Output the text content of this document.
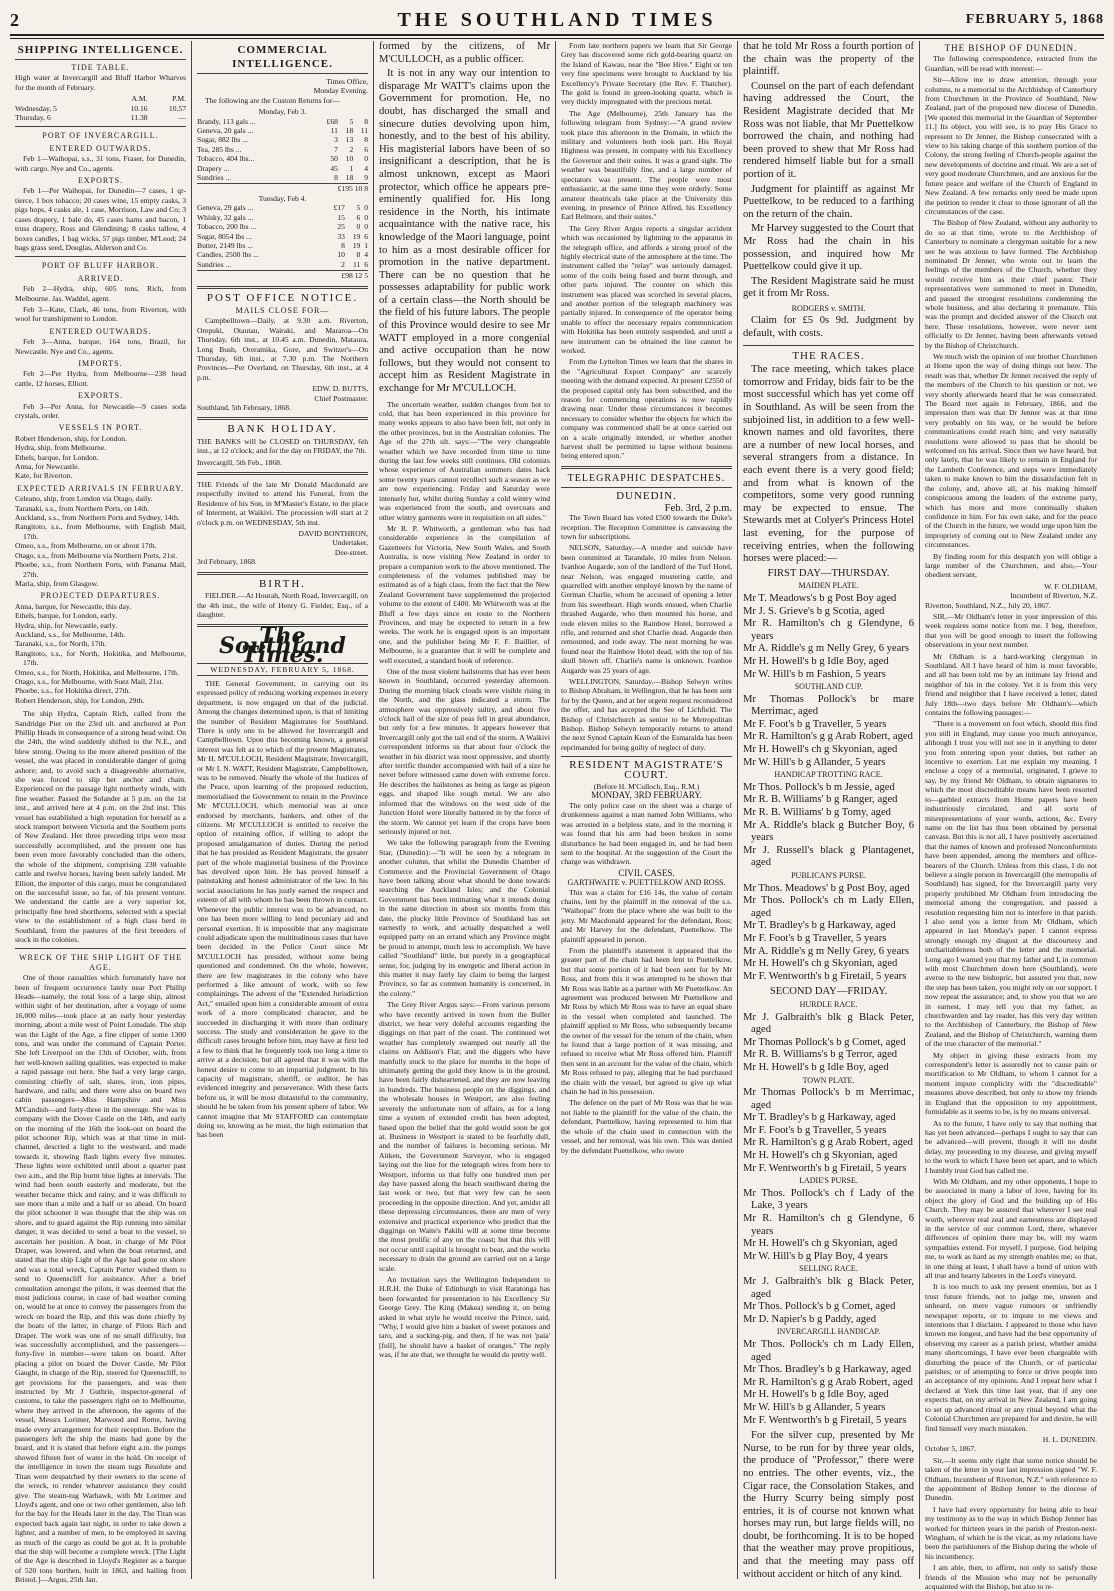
2	THE SOUTHLAND TIMES	FEBRUARY 5, 1868
SHIPPING INTELLIGENCE.
TIDE TABLE.

High water at Invercargill and Bluff Harbor Wharves for the month of February.

	A.M.	P.M.
Wednesday, 5	10.16	10.57
Thursday, 6	11.38	—
PORT OF INVERCARGILL.
ENTERED OUTWARDS.

Feb 1—Waihopai, s.s., 31 tons, Fraser, for Dunedin, with cargo. Nye and Co., agents.

EXPORTS.

Feb 1—Per Waihopai, for Dunedin—7 cases, 1 qr-tierce, 1 box tobacco; 20 cases wine, 15 empty casks, 3 pigs hops, 4 casks ale, 1 case, Morrison, Law and Co; 3 cases drapery, 1 bale do, 45 cases hams and bacon, 1 truss drapery, Ross and Glendining; 8 casks tallow, 4 boxes candles, 1 bag wicks, 57 pigs timber, M'Leod; 24 bags grass seed, Douglas, Alderson and Co.

PORT OF BLUFF HARBOR.
ARRIVED.

Feb 2—Hydra, ship, 605 tons, Rich, from Melbourne. Jas. Waddel, agent.

Feb 3—Kate, Clark, 46 tons, from Riverton, with wool for transhipment to London.

ENTERED OUTWARDS.

Feb 3—Anna, barque, 164 tons, Brazil, for Newcastle. Nye and Co., agents.

IMPORTS.

Feb 2—Per Hydra, from Melbourne—238 head cattle, 12 horses, Elliott.

EXPORTS.

Feb 3—Per Anna, for Newcastle—9 cases soda crystals, order.

VESSELS IN PORT.
Robert Henderson, ship, for London.
Hydra, ship, from Melbourne.
Ethels, barque, for London.
Anna, for Newcastle.
Kate, for Riverton.
EXPECTED ARRIVALS IN FEBRUARY.
Celeano, ship, from London via Otago, daily.
Taranaki, s.s., from Northern Ports, on 14th.
Auckland, s.s., from Northern Ports and Sydney, 14th.
Rangitoto, s.s., from Melbourne, with English Mail, 17th.
Omeo, s.s., from Melbourne, on or about 17th.
Otago, s.s., from Melbourne via Northern Ports, 21st.
Phoebe, s.s., from Northern Ports, with Panama Mail, 27th.
Maria, ship, from Glasgow.
PROJECTED DEPARTURES.
Anna, barque, for Newcastle, this day.
Ethels, barque, for London, early.
Hydra, ship, for Newcastle, early.
Auckland, s.s., for Melbourne, 14th.
Taranaki, s.s., for North, 17th.
Rangitoto, s.s., for North, Hokitika, and Melbourne, 17th.
Omeo, s.s., for North, Hokitika, and Melbourne, 17th.
Otago, s.s., for Melbourne, with Suez Mail, 21st.
Phoebe, s.s., for Hokitika direct, 27th.
Robert Henderson, ship, for London, 29th.

The ship Hydra, Captain Rich, called from the Sandridge Pier on the 23rd ult. and anchored at Port Phillip Heads in consequence of a strong head wind. On the 24th, the wind suddenly shifted to the N.E., and blew strong. Owing to the more altered position of the vessel, she was placed in considerable danger of going ashore; and, to avoid such a disagreeable alternative, she was forced to slip her anchor and chain. Experienced on the passage light northerly winds, with fine weather. Passed the Solander at 5 p.m. on the 1st inst., and arrived here at 4 p.m. on the 2nd inst. This vessel has established a high reputation for herself as a stock transport between Victoria and the Southern ports of New Zealand. Her three preceding trips were most successfully accomplished, and the present one has been even more favorably concluded than the others, the whole of the shipment, comprising 238 valuable cattle and twelve horses, having been safely landed. Mr Elliott, the importer of this cargo, must be congratulated on the successful issue, so far, of his present venture. We understand the cattle are a very superior lot, principally fine bred shorthorns, selected with a special view to the establishment of a high class herd in Southland, from the pastures of the first breeders of stock in the colonies.

WRECK OF THE SHIP LIGHT OF THE AGE.

One of those casualties which fortunately have not been of frequent occurrence lately near Port Phillip Heads—namely, the total loss of a large ship, almost within sight of her destination, after a voyage of some 16,000 miles—took place at an early hour yesterday morning, about a mile west of Point Lonsdale. The ship was the Light of the Age, a fine clipper of some 1300 tons, and was under the command of Captain Porter. She left Liverpool on the 13th of October, with, from her well-known sailing qualities, was expected to make a rapid passage out here. She had a very large cargo, consisting chiefly of salt, slates, iron, iron pipes, hardware, and rails; and there were also on board two cabin passengers—Miss Hampshire and Miss M'Candish—and forty-three in the steerage. She was in company with the Dover Castle on the 14th, and early on the morning of the 16th the look-out on board the pilot schooner Rip, which was at that time in mid-channel, descried a light to the westward, and made towards it, showing flash lights every five minutes. These lights were exhibited until about a quarter past two a.m., and the Rip burnt blue lights at intervals. The wind had been south easterly and moderate, but the weather became thick and rainy, and it was difficult to see more than a mile and a half or so ahead. On board the pilot schooner it was thought that the ship was on shore, and to guard against the Rip running into similar danger, it was decided to send a boat to the vessel, to ascertain her position. A boat, in charge of Mr Pilot Draper, was lowered, and when the boat returned, and stated that the ship Light of the Age had gone on shore and was a total wreck, Captain Porter wished them to send to Queenscliff for assistance. After a brief consultation amongst the pilots, it was deemed that the most judicious course, in case of bad weather coming on, would be at once to convey the passengers from the wreck on board the Rip, and this was done chiefly by the boats of the latter, in charge of Pilots Rich and Draper. The work was one of no small difficulty, but was successfully accomplished, and the passengers—forty-five in number—were taken on board. After placing a pilot on board the Dover Castle, Mr Pilot Gaught, in charge of the Rip, steered for Queenscliff, to get provisions for the passengers, and was then instructed by Mr J Guthrie, inspector-general of customs, to take the passengers right on to Melbourne, where they arrived in the afternoon, the agents of the vessel, Messrs Lorimer, Marwood and Rome, having made every arrangement for their reception. Before the passengers left the ship the masts had gone by the board, and it is stated that before eight a.m. the pumps showed fifteen feet of water in the hold. On receipt of the intelligence in town the steam tugs Resolute and Titan were despatched by their owners to the scene of the wreck, to render whatever assistance they could give. The steam-tug Warhawk, with Mr Lorimer and Lloyd's agent, and one or two other gentlemen, also left for the bay for the Heads later in the day. The Titan was expected back again last night, in order to take down a lighter, and a number of men, to be employed in saving as much of the cargo as could be got at. It is probable that the ship will become a complete wreck. [The Light of the Age is described in Lloyd's Register as a barque of 520 tons burthen, built in 1863, and hailing from Bristol.]—Argus, 25th Jan.

COMMERCIAL INTELLIGENCE.
Times Office,
Monday Evening.

The following are the Custom Returns for—

Monday, Feb 3.
Brandy, 113 gals ...	£68	5	8
Geneva, 20 gals ...	11	18	11
Sugar, 882 lbs ...	3	13	8
Tea, 285 lbs ...	7	2	6
Tobacco, 404 lbs...	50	10	0
Drapery ...	45	1	4
Sundries ...	8	18	9
£195 10 8
Tuesday, Feb 4.
Geneva, 29 gals ...	£17	5	0
Whisky, 32 gals ...	15	6	0
Tobacco, 200 lbs ...	25	0	0
Sugar, 8054 lbs ...	33	19	6
Butter, 2149 lbs ...	8	19	1
Candles, 2500 lbs ...	10	8	4
Sundries ...	2	11	6
£98 12 5
POST OFFICE NOTICE.
MAILS CLOSE FOR—

Campbelltown—Daily, at 9.30 a.m. Riverton, Orepuki, Otautau, Wairaki, and Mararoa—On Thursday, 6th inst., at 10.45 a.m. Dunedin, Mataura, Long Bush, Oreramika, Gore, and Switzer's—On Thursday, 6th inst., at 7.30 p.m. The Northern Provinces—Per Overland, on Thursday, 6th inst., at 4 p.m.

EDW. D. BUTTS,
Chief Postmaster.

Southland, 5th February, 1868.

BANK HOLIDAY.

THE BANKS will be CLOSED on THURSDAY, 6th inst., at 12 o'clock; and for the day on FRIDAY, the 7th.

Invercargill, 5th Feb., 1868.

THE Friends of the late Mr Donald Macdonald are respectfully invited to attend his Funeral, from the Residence of his Son, in M'Master's Estate, to the place of Interment, at Waikivi. The procession will start at 2 o'clock p.m. on WEDNESDAY, 5th inst.

DAVID BONTHRON,
Undertaker,
Dee-street.

3rd February, 1868.

BIRTH.

FIELDER.—At Hourah, North Road, Invercargill, on the 4th inst., the wife of Henry G. Fielder, Esq., of a daughter.

The Southland Times.
WEDNESDAY, FEBRUARY 5, 1868.

THE General Government, in carrying out its expressed policy of reducing working expenses in every department, is now engaged on that of the judicial. Among the changes determined upon, is that of limiting the number of Resident Magistrates for Southland. There is only one to be allowed for Invercargill and Campbelltown. Upon this becoming known, a general interest was felt as to which of the present Magistrates, Mr H. M'CULLOCH, Resident Magistrate, Invercargill, or Mr I. N. WATT, Resident Magistrate, Campbelltown, was to be removed. Nearly the whole of the Justices of the Peace, upon learning of the proposed reduction, memorialised the Government to retain in the Province Mr M'CULLOCH, which memorial was at once endorsed by merchants, bankers, and other of the citizens. Mr M'CULLOCH is entitled to receive the option of retaining office, if willing to adopt the proposed amalgamation of duties. During the period that he has presided as Resident Magistrate, the greater part of the whole magisterial business of the Province has devolved upon him. He has proved himself a painstaking and honest administrator of the law. In his social associations he has justly earned the respect and esteem of all with whom he has been thrown in contact. Whenever the public interest was to be advanced, no one has been more willing to lend pecuniary aid and personal exertion. It is impossible that any magistrate could adjudicate upon the multitudinous cases that have been decided in the Police Court since Mr M'CULLOCH has presided, without some being questioned and condemned. On the whole, however, there are few magistrates in the colony who have performed a like amount of work, with so few complainings. The advent of the "Extended Jurisdiction Act," entailed upon him a considerable amount of extra work of a more complicated character, and he succeeded in discharging it with more than ordinary success. The study and consideration he gave to the difficult cases brought before him, may have at first led a few to think that he frequently took too long a time to arrive at a decision; but all agreed that it was with the honest desire to come to an impartial judgment. In his capacity of magistrate, sheriff, or auditor, he has evidenced integrity and perseverance. With these facts before us, it will be most distasteful to the community, should he be taken from his present sphere of labor. We cannot imagine that Mr STAFFORD can contemplate doing so, knowing as he must, the high estimation that has been

formed by the citizens, of Mr M'CULLOCH, as a public officer.

It is not in any way our intention to disparage Mr WATT's claims upon the Government for promotion. He, no doubt, has discharged the small and sinecure duties devolving upon him, honestly, and to the best of his ability. His magisterial labors have been of so insignificant a description, that he is almost unknown, except as Maori protector, which office he appears pre-eminently qualified for. His long residence in the North, his intimate acquaintance with the native race, his knowledge of the Maori language, point to him as a most desirable officer for promotion in the native department. There can be no question that he possesses adaptability for public work of a certain class—the North should be the field of his future labors. The people of this Province would desire to see Mr WATT employed in a more congenial and active occupation than he now follows, but they would not consent to accept him as Resident Magistrate in exchange for Mr M'CULLOCH.

The uncertain weather, sudden changes from hot to cold, that has been experienced in this province for many weeks appears to also have been felt, not only in the other provinces, but in the Australian colonies. The Age of the 27th ult. says:—"The very changeable weather which we have recorded from time to time during the last few weeks still continues. Old colonists whose experience of Australian summers dates back some twenty years cannot recollect such a season as we are now experiencing. Friday and Saturday were intensely hot, whilst during Sunday a cold wintry wind was experienced from the south, and overcoats and other wintry garments were in requisition on all sides."

Mr R. P. Whitworth, a gentleman who has had considerable experience in the compilation of Gazetteers for Victoria, New South Wales, and South Australia, is now visiting New Zealand in order to prepare a companion work to the above mentioned. The completeness of the volumes published may be estimated as of a high class, from the fact that the New Zealand Government have supplemented the projected volume to the extent of £400. Mr Whitworth was at the Bluff a few days since en route to the Northern Provinces, and may be expected to return in a few weeks. The work he is engaged upon is an important one, and the publisher being Mr F. F. Baillier, of Melbourne, is a guarantee that it will be complete and well executed, a standard book of reference.

One of the most violent hailstorms that has ever been known in Southland, occurred yesterday afternoon. During the morning black clouds were visible rising in the North, and the glass indicated a storm. The atmosphere was oppressively sultry, and about five o'clock hail of the size of peas fell in great abundance, but only for a few minutes. It appears however that Invercargill only got the tail end of the storm. A Waikivi correspondent informs us that about four o'clock the weather in his district was most oppressive, and shortly after terrific thunder accompanied with hail of a size he never before witnessed came down with extreme force. He describes the hailstones as being as large as pigeon eggs, and shaped like rough metal. We are also informed that the windows on the west side of the Junction Hotel were literally battered in by the force of the storm. We cannot yet learn if the crops have been seriously injured or not.

We take the following paragraph from the Evening Star, (Dunedin):—"It will be seen by a telegram in another column, that whilst the Dunedin Chamber of Commerce and the Provincial Government of Otago have been talking about what should be done towards searching the Auckland Isles; and the Colonial Government has been intimating what it intends doing in the same direction in about six months from this date, the plucky little Province of Southland has set earnestly to work, and actually despatched a well equipped party on an errand which any Province might be proud to attempt, much less to accomplish. We have called "Southland" little, but purely in a geographical sense, for, judging by its energetic and liberal action in this matter it may fairly lay claim to being the largest Province, so far as common humanity is concerned, in the colony."

The Grey River Argus says:—From various persons who have recently arrived in town from the Buller district, we hear very doleful accounts regarding the diggings on that part of the coast. The continued wet weather has completely swamped out nearly all the claims on Addison's Flat; and the diggers who have manfully stuck to the place for months in the hope of ultimately getting the gold they know is in the ground, have been fairly disheartened, and they are now leaving in hundreds. The business people on the diggings, and the wholesale houses in Westport, are also feeling severely the unfortunate turn of affairs, as for a long time a system of extended credit has been adopted, based upon the belief that the gold would soon be got at. Business in Westport is stated to be fearfully dull, and the number of failures is becoming serious. Mr Aitken, the Government Surveyor, who is engaged laying out the line for the telegraph wires from here to Westport, informs us that fully one hundred men per day have passed along the beach southward during the last week or two, but that very few can be seen proceeding in the opposite direction. And yet, amidst all these depressing circumstances, there are men of very extensive and practical experience who predict that the diggings on Waite's Pakihi will at some time become the most prolific of any on the coast; but that this will not occur until capital is brought to bear, and the works necessary to drain the ground are carried out on a large scale.

An invitation says the Wellington Independent to H.R.H. the Duke of Edinburgh to visit Raratonga has been forwarded for presentation to his Excellency Sir George Grey. The King (Makea) sending it, on being asked in what style he would receive the Prince, said, "Why, I would give him a basket of sweet potatoes and taro, and a sucking-pig, and then, if he was not 'paia' [full], he should have a basket of oranges." The reply was, if he ate that, we thought he would do pretty well.

From late northern papers we learn that Sir George Grey has discovered some rich gold-bearing quartz on the Island of Kawau, near the "Bee Hive." Eight or ten very fine specimens were brought to Auckland by his Excellency's Private Secretary (the Rev. F. Thatcher). The gold is found in green-looking quartz, which is very thickly impregnated with the precious metal.

The Age (Melbourne), 25th January has the following telegram from Sydney:—"A grand review took place this afternoon in the Domain, in which the military and volunteers both took part. His Royal Highness was present, in company with his Excellency the Governor and their suites. It was a grand sight. The weather was beautifully fine, and a large number of spectators was present. The people were most enthusiastic, at the same time they were orderly. Some amateur theatricals take place at the University this evening, in presence of Prince Alfred, his Excellency Earl Belmore, and their suites."

The Grey River Argus reports a singular accident which was occasioned by lightning to the apparatus in the telegraph office, and affords a strong proof of the highly electrical state of the atmosphere at the time. The instrument called the "relay" was seriously damaged, some of the coils being fused and burnt through, and other parts injured. The counter on which this instrument was placed was scorched in several places, and another portion of the telegraph machinery was partially injured. In consequence of the operator being unable to effect the necessary repairs communication with Hokitika has been entirely suspended, and until a new instrument can be obtained the line cannot be worked.

From the Lyttelton Times we learn that the shares in the "Agricultural Export Company" are scarcely meeting with the demand expected. At present £2550 of the proposed capital only has been subscribed, and the reason for commencing operations is now rapidly drawing near. Under these circumstances it becomes necessary to consider whether the objects for which the company was commenced shall be at once carried out on a scale originally intended, or whether another harvest shall be permitted to lapse without business being entered upon."

TELEGRAPHIC DESPATCHES.
DUNEDIN.
Feb. 3rd, 2 p.m.

The Town Board has voted £500 towards the Duke's reception. The Reception Committee is canvassing the town for subscriptions.

NELSON, Saturday.—A murder and suicide have been committed at Tarandale, 10 miles from Nelson. Ivanhoe Augarde, son of the landlord of the Turf Hotel, near Nelson, was engaged mustering cattle, and quarrelled with another employé known by the name of German Charlie, whom he accused of opening a letter from his sweetheart. High words ensued, when Charlie thrashed Augarde, who then mounted his horse, and rode eleven miles to the Rainbow Hotel, borrowed a rifle, and returned and shot Charlie dead. Augarde then remounted, and rode away. The next morning he was found near the Rainbow Hotel dead, with the top of his skull blown off. Charlie's name is unknown. Ivanhoe Augarde was 25 years of age.

WELLINGTON, Saturday.—Bishop Selwyn writes to Bishop Abraham, in Wellington, that he has been sent for by the Queen, and at her urgent request reconsidered the offer, and has accepted the See of Lichfield. The Bishop of Christchurch as senior to be Metropolitan Bishop. Bishop Selwyn temporarily returns to attend the next Synod Captain Kean of the Esmaralda has been reprimanded for being guilty of neglect of duty.

RESIDENT MAGISTRATE'S COURT.
(Before H. M'Culloch, Esq., R.M.)
MONDAY, 3RD FEBRUARY.

The only police case on the sheet was a charge of drunkenness against a man named John Williams, who was arrested in a helpless state, and in the morning it was found that his arm had been broken in some disturbance he had been engaged in, and he had been sent to the hospital. At the suggestion of the Court the charge was withdrawn.

CIVIL CASES.
GARTHWAITE v. PUETTELKOW AND ROSS.

This was a claim for £16 14s, the value of certain chains, lent by the plaintiff in the removal of the s.s. "Waihopai" from the place where she was built to the jetty. Mr Macdonald appeared for the defendant, Ross; and Mr Harvey for the defendant, Puettelkow. The plaintiff appeared in person.

From the plaintiff's statement it appeared that the greater part of the chain had been lent to Puettelkow, but that some portion of it had been sent for by Mr Ross, and from this it was attempted to be shown that Mr Ross was liable as a partner with Mr Puettelkow. An agreement was produced between Mr Puettelkow and Mr Ross by which Mr Ross was to have an equal share in the vessel when completed and launched. The plaintiff applied to Mr Ross, who subsequently became the owner of the vessel for the return of the chain, when he found that a large portion of it was missing, and refused to receive what Mr Ross offered him. Plaintiff then sent in an account for the value of the chain, which Mr Ross refused to pay, alleging that he had purchased the chain with the vessel, but agreed to give up what chain he had in his possession.

The defence on the part of Mr Ross was that he was not liable to the plaintiff for the value of the chain, the defendant, Puettelkow, having represented to him that the whole of the chain used in connection with the vessel, and her removal, was his own. This was denied by the defendant Puettelkow, who swore

that he told Mr Ross a fourth portion of the chain was the property of the plaintiff.

Counsel on the part of each defendant having addressed the Court, the Resident Magistrate decided that Mr Ross was not liable, that Mr Puettelkow borrowed the chain, and nothing had been proved to shew that Mr Ross had rendered himself liable but for a small portion of it.

Judgment for plaintiff as against Mr Puettelkow, to be reduced to a farthing on the return of the chain.

Mr Harvey suggested to the Court that Mr Ross had the chain in his possession, and inquired how Mr Puettelkow could give it up.

The Resident Magistrate said he must get it from Mr Ross.

RODGERS v. SMITH.

Claim for £5 0s 9d. Judgment by default, with costs.

THE RACES.

The race meeting, which takes place tomorrow and Friday, bids fair to be the most successful which has yet come off in Southland. As will be seen from the subjoined list, in addition to a few well-known names and old favorites, there are a number of new local horses, and several strangers from a distance. In each event there is a very good field; and from what is known of the competitors, some very good running may be expected to ensue. The Stewards met at Colyer's Princess Hotel last evening, for the purpose of receiving entries, when the following horses were placed:—

FIRST DAY—THURSDAY.
MAIDEN PLATE.
Mr T. Meadows's b g Post Boy aged
Mr J. S. Grieve's b g Scotia, aged
Mr R. Hamilton's ch g Glendyne, 6 years
Mr A. Riddle's g m Nelly Grey, 6 years
Mr H. Howell's b g Idle Boy, aged
Mr W. Hill's b m Fashion, 5 years
SOUTHLAND CUP.
Mr Thomas Pollock's br mare Merrimac, aged
Mr F. Foot's b g Traveller, 5 years
Mr R. Hamilton's g g Arab Robert, aged
Mr H. Howell's ch g Skyonian, aged
Mr W. Hill's b g Allander, 5 years
HANDICAP TROTTING RACE.
Mr Thos. Pollock's b m Jessie, aged
Mr R. B. Williams' b g Ranger, aged
Mr R. B. Williams' b g Tomy, aged
Mr A. Riddle's black g Butcher Boy, 6 years
Mr J. Russell's black g Plantagenet, aged
PUBLICAN'S PURSE.
Mr Thos. Meadows' b g Post Boy, aged
Mr Thos. Pollock's ch m Lady Ellen, aged
Mr T. Bradley's b g Harkaway, aged
Mr F. Foot's b g Traveller, 5 years
Mr A. Riddle's g m Nelly Grey, 6 years
Mr H. Howell's ch g Skyonian, aged
Mr F. Wentworth's b g Firetail, 5 years
SECOND DAY—FRIDAY.
HURDLE RACE.
Mr J. Galbraith's blk g Black Peter, aged
Mr Thomas Pollock's b g Comet, aged
Mr R. B. Williams's b g Terror, aged
Mr H. Howell's b g Idle Boy, aged
TOWN PLATE.
Mr Thomas Pollock's b m Merrimac, aged
Mr T. Bradley's b g Harkaway, aged
Mr F. Foot's b g Traveller, 5 years
Mr R. Hamilton's g g Arab Robert, aged
Mr H. Howell's ch g Skyonian, aged
Mr F. Wentworth's b g Firetail, 5 years
LADIE'S PURSE.
Mr Thos. Pollock's ch f Lady of the Lake, 3 years
Mr R. Hamilton's ch g Glendyne, 6 years
Mr H. Howell's ch g Skyonian, aged
Mr W. Hill's b g Play Boy, 4 years
SELLING RACE.
Mr J. Galbraith's blk g Black Peter, aged
Mr Thos. Pollock's b g Comet, aged
Mr D. Napier's b g Paddy, aged
INVERCARGILL HANDICAP.
Mr Thos. Pollock's ch m Lady Ellen, aged
Mr Thos. Bradley's b g Harkaway, aged
Mr R. Hamilton's g g Arab Robert, aged
Mr H. Howell's b g Idle Boy, aged
Mr W. Hill's b g Allander, 5 years
Mr F. Wentworth's b g Firetail, 5 years

For the silver cup, presented by Mr Nurse, to be run for by three year olds, the produce of "Professor," there were no entries. The other events, viz., the Cigar race, the Consolation Stakes, and the Hurry Scurry being simply post entries, it is of course not known what horses may run, but large fields will, no doubt, be forthcoming. It is to be hoped that the weather may prove propitious, and that the meeting may pass off without accident or hitch of any kind.

THE BISHOP OF DUNEDIN.

The following correspondence, extracted from the Guardian, will be read with interest:—

Sir—Allow me to draw attention, through your columns, to a memorial to the Archbishop of Canterbury from Churchmen in the Province of Southland, New Zealand, part of the proposed new diocese of Dunedin. [We quoted this memorial in the Guardian of September 11.] Its object, you will see, is to pray His Grace to represent to Dr Jenner, the Bishop consecrated with a view to his taking charge of this southern portion of the Colony, the strong feeling of Church-people against the new developments of doctrine and ritual. We are a set of very good moderate Churchmen, and are anxious for the future peace and welfare of the Church of England in New Zealand. A few remarks only need be made upon the petition to render it clear to those ignorant of all the circumstances of the case.

The Bishop of New Zealand, without any authority to do so at that time, wrote to the Archbishop of Canterbury to nominate a clergyman suitable for a new see he was anxious to have formed. The Archbishop nominated Dr Jenner, who wrote out to learn the feelings of the members of the Church, whether they would receive him as their chief pastor. Their representatives were summoned to meet in Dunedin, and passed the strongest resolutions condemning the whole business, and also declaring it premature. This was the prompt and decided answer of the Church out here. These resolutions, however, were never sent officially to Dr Jenner, having been afterwards vetoed by the Bishop of Christchurch.

We much wish the opinion of our brother Churchmen at Home upon the way of doing things out here. The result was that, whether Dr Jenner received the reply of the members of the Church to his question or not, we very shortly afterwards heard that he was consecrated. The Board met again in February, 1866, and the impression then was that Dr Jenner was at that time very probably on his way, or he would be before communications could reach him; and very naturally resolutions were allowed to pass that he should be welcomed on his arrival. Since then we have heard, but only lately, that he was likely to remain in England for the Lambeth Conference, and steps were immediately taken to make known to him the dissatisfaction felt in the colony, and, above all, at his making himself conspicuous among the leaders of the extreme party, which has more and more continually shaken confidence in him. For his own sake, and for the peace of the Church in the future, we would urge upon him the impropriety of coming out to New Zealand under any circumstances.

By finding room for this despatch you will oblige a large number of the Churchmen, and also,—Your obedient servant,

W. F. OLDHAM,
Incumbent of Riverton, N.Z.

Riverton, Southland, N.Z., July 20, 1867.

SIR,—Mr Oldham's letter in your impression of this week requires some notice from me. I beg, therefore, that you will be good enough to insert the following observations in your next number.

Mr Oldham is a hard-working clergyman in Southland. All I have heard of him is most favorable, and all has been told me by an intimate lay friend and neighbor of his in the colony. Yet it is from this very friend and neighbor that I have received a letter, dated July 18th—two days before Mr Oldham's—which contains the following passages:—

"There is a movement on foot which, should this find you still in England, may cause you much annoyance, although I trust you will not see in it anything to deter you from entering upon your duties, but rather an incentive to exertion. Let me explain my meaning. I enclose a copy of a memorial, originated, I grieve to say, by my friend Mr Oldham, to obtain signatures to which the most discreditable means have been resorted to—garbled extracts from Home papers have been industriously circulated, and all sorts of misrepresentations of your words, actions, &c. Every name on the list has thus been obtained by personal canvass. But this is not all, I have positively ascertained that the names of known and professed Nonconformists have been appended, among the members and office-bearers of the Church. Unless from this class, I do not believe a single person in Invercargill (the metropolis of Southland) has signed, for the Invercargill party very properly prohibited Mr Oldham from introducing the memorial among the congregation, and passed a resolution requesting him not to interfere in that parish. I also send you a letter from Mr Oldham, which appeared in last Monday's paper. I cannot express strongly enough my disgust at the discourtesy and uncharitableness both of the letter and the memorial. Long ago I warned you that my father and I, in common with most Churchmen down here (Southland), were averse to the new bishopric, but assured you that, now the step has been taken, you might rely on our support. I now repeat the assurance; and, to show you that we are in earnest, I may tell you that my father, as churchwarden and lay reader, has this very day written to the Archbishop of Canterbury, the Bishop of New Zealand, and the Bishop of Christchurch, warning them of the true character of the memorial."

My object in giving these extracts from my correspondent's letter is assuredly not to cause pain or mortification to Mr Oldham, to whom I cannot for a moment impute complicity with the "discreditable" measures above described, but only to show my friends in England that the opposition to my appointment, formidable as it seems to be, is by no means universal.

As to the future, I have only to say that nothing that has yet been advanced—perhaps I ought to say that can be advanced—will prevent, though it will no doubt delay, my proceeding to my diocese, and giving myself to the work to which I have been set apart, and to which I humbly trust God has called me.

With Mr Oldham, and my other opponents, I hope to be associated in many a labor of love, having for its object the glory of God and the building up of His Church. They may be assured that wherever I see real worth, wherever real zeal and earnestness are displayed in the service of our common Lord, there, whatever differences of opinion there may be, will my warm sympathies extend. For myself, I purpose, God helping me, to work as hard as my strength enables me; so that, in one thing at least, I shall have a bond of union with all true and hearty laborers in the Lord's vineyard.

It is too much to ask my present enemies, but as I trust future friends, not to judge me, unseen and unheard, on mere vague rumours or unfriendly newspaper reports, or to impute to me views and intentions that I disclaim. I appeared to those who have known me longest, and have had the best opportunity of observing my career as a parish priest, whether amidst many shortcomings, I have ever been chargeable with disturbing the peace of the Church, or of particular parishes; or of attempting to force or drive people into an acceptance of my opinions. And I repeat here what I declared at York this time last year, that if any one expects that, on my arrival in New Zealand, I am going to set up advanced ritual or any ritual beyond what the Colonial Churchmen are prepared for and desire, he will find himself very much mistaken.

H. L. DUNEDIN.

October 5, 1867.

Sir,—It seems only right that some notice should be taken of the letter in your last impression signed "W. F. Oldham, Incumbent of Riverton, N.Z." with reference to the appointment of Bishop Jenner to the diocese of Dunedin.

I have had every opportunity for being able to bear my testimony as to the way in which Bishop Jenner has worked for thirteen years in the parish of Preston-next-Wingham, of which he is the vicar, as my relations have been the parishioners of the Bishop during the whole of his incumbency.

I am able, then, to affirm, not only to satisfy those friends of the Mission who may not be personally acquainted with the Bishop, but also to re-
